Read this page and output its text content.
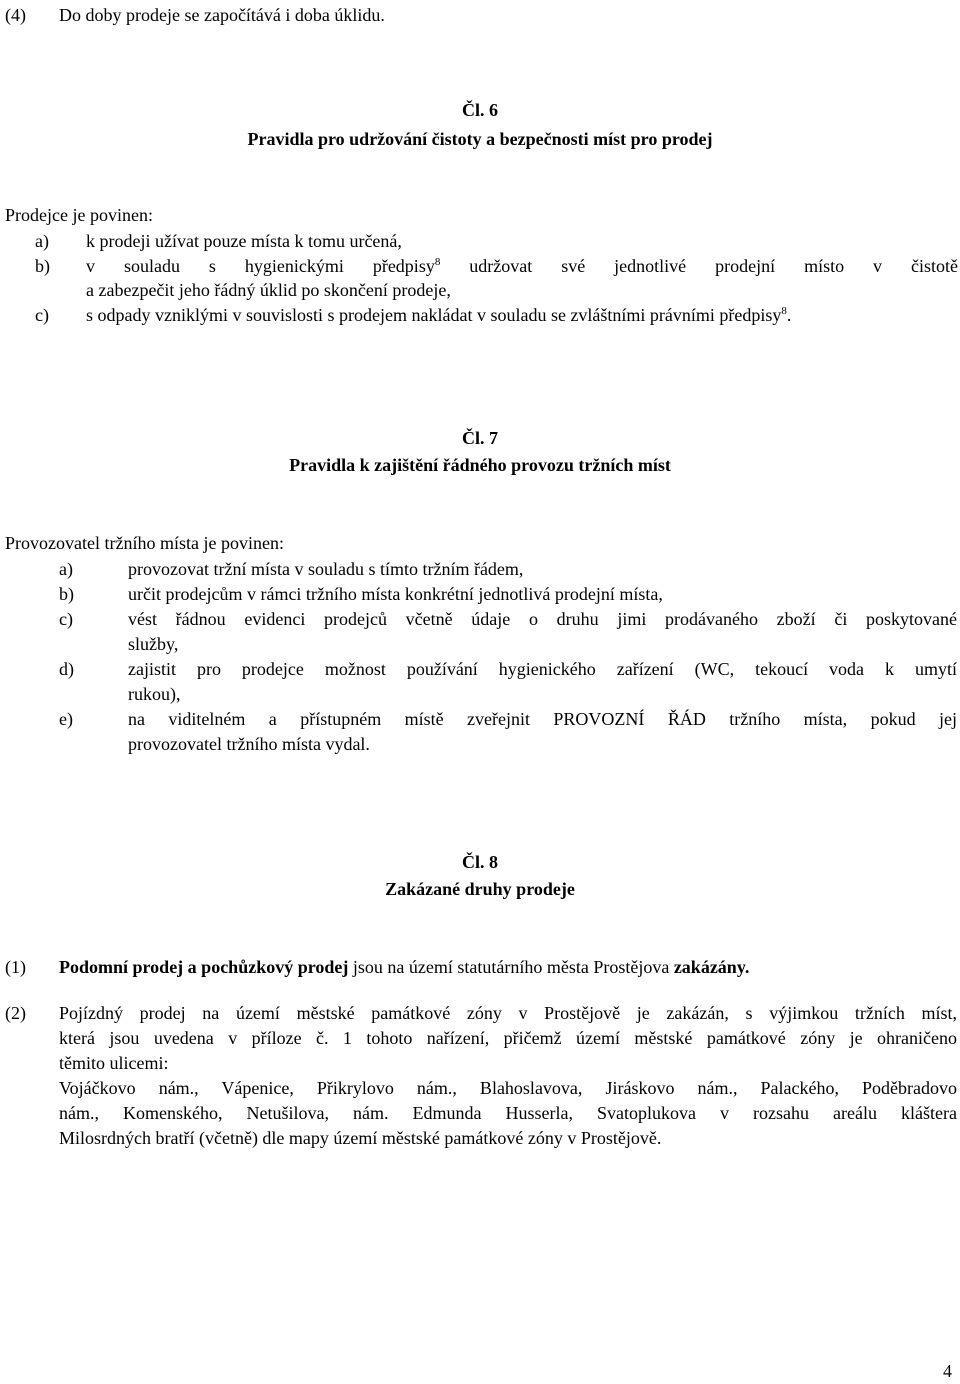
(4) Do doby prodeje se započítává i doba úklidu.
Čl. 6
Pravidla pro udržování čistoty a bezpečnosti míst pro prodej
Prodejce je povinen:
a) k prodeji užívat pouze místa k tomu určená,
b) v souladu s hygienickými předpisy$^8$ udržovat své jednotlivé prodejní místo v čistotě
a zabezpečit jeho řádný úklid po skončení prodeje,
c) s odpady vzniklými v souvislosti s prodejem nakládat v souladu se zvláštními právními předpisy$^8$.
Čl. 7
Pravidla k zajištění řádného provozu tržních míst
Provozovatel tržního místa je povinen:
a)	provozovat tržní místa v souladu s tímto tržním řádem,
b)	určit prodejcům v rámci tržního místa konkrétní jednotlivá prodejní místa,
c)	vést řádnou evidenci prodejců včetně údaje o druhu jimi prodávaného zboží či poskytované
služby,
d)	zajistit pro prodejce možnost používání hygienického zařízení (WC, tekoucí voda k umytí
rukou),
e)	na viditelném a přístupném místě zveřejnit PROVOZNÍ ŘÁD tržního místa, pokud jej
provozovatel tržního místa vydal.
Čl. 8
Zakázané druhy prodeje
(1) Podomní prodej a pochůzkový prodej jsou na území statutárního města Prostějova zakázány.
(2) Pojízdný prodej na území městské památkové zóny v Prostějově je zakázán, s výjimkou tržních míst,
která jsou uvedena v příloze č. 1 tohoto nařízení, přičemž území městské památkové zóny je ohraničeno
těmito ulicemi:
Vojáčkovo nám., Vápenice, Přikrylovo nám., Blahoslavova, Jiráskovo nám., Palackého, Poděbradovo
nám., Komenského, Netušilova, nám. Edmunda Husserla, Svatoplukova v rozsahu areálu kláštera
Milosrdných bratří (včetně) dle mapy území městské památkové zóny v Prostějově.
4
